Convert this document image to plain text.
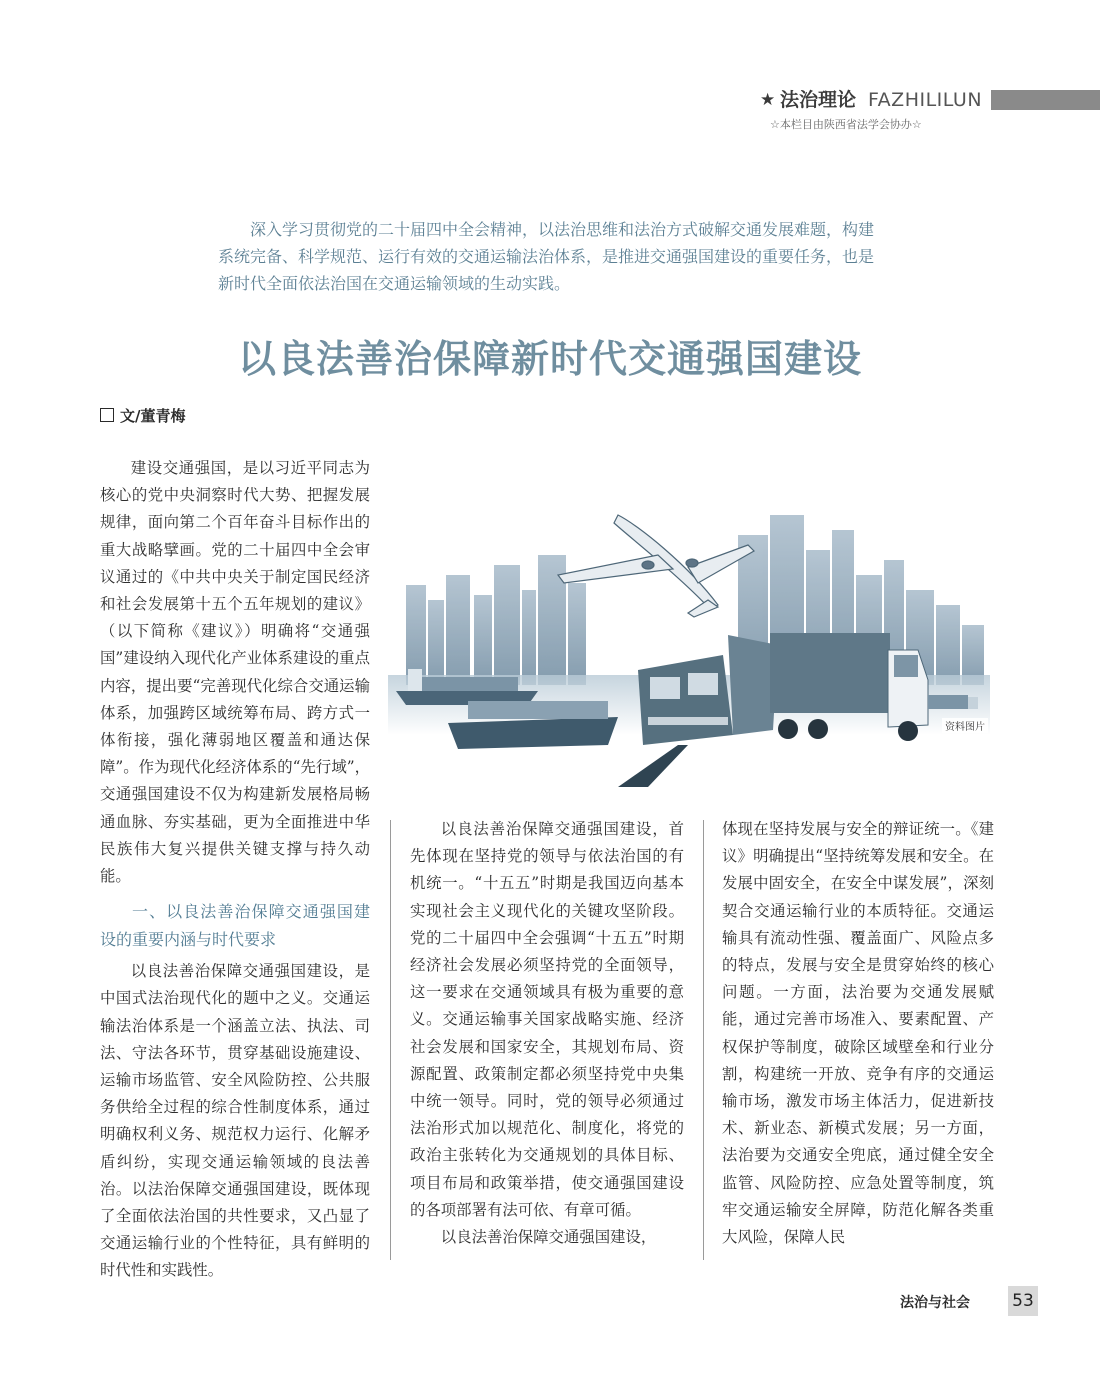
★ 法治理论 FAZHILILUN
☆本栏目由陕西省法学会协办☆

深入学习贯彻党的二十届四中全会精神，以法治思维和法治方式破解交通发展难题，构建系统完备、科学规范、运行有效的交通运输法治体系，是推进交通强国建设的重要任务，也是新时代全面依法治国在交通运输领域的生动实践。

以良法善治保障新时代交通强国建设
文/董青梅

建设交通强国，是以习近平同志为核心的党中央洞察时代大势、把握发展规律，面向第二个百年奋斗目标作出的重大战略擘画。党的二十届四中全会审议通过的《中共中央关于制定国民经济和社会发展第十五个五年规划的建议》（以下简称《建议》）明确将“交通强国”建设纳入现代化产业体系建设的重点内容，提出要“完善现代化综合交通运输体系，加强跨区域统筹布局、跨方式一体衔接，强化薄弱地区覆盖和通达保障”。作为现代化经济体系的“先行域”，交通强国建设不仅为构建新发展格局畅通血脉、夯实基础，更为全面推进中华民族伟大复兴提供关键支撑与持久动能。

一、以良法善治保障交通强国建设的重要内涵与时代要求

以良法善治保障交通强国建设，是中国式法治现代化的题中之义。交通运输法治体系是一个涵盖立法、执法、司法、守法各环节，贯穿基础设施建设、运输市场监管、安全风险防控、公共服务供给全过程的综合性制度体系，通过明确权利义务、规范权力运行、化解矛盾纠纷，实现交通运输领域的良法善治。以法治保障交通强国建设，既体现了全面依法治国的共性要求，又凸显了交通运输行业的个性特征，具有鲜明的时代性和实践性。

资料图片

以良法善治保障交通强国建设，首先体现在坚持党的领导与依法治国的有机统一。“十五五”时期是我国迈向基本实现社会主义现代化的关键攻坚阶段。党的二十届四中全会强调“十五五”时期经济社会发展必须坚持党的全面领导，这一要求在交通领域具有极为重要的意义。交通运输事关国家战略实施、经济社会发展和国家安全，其规划布局、资源配置、政策制定都必须坚持党中央集中统一领导。同时，党的领导必须通过法治形式加以规范化、制度化，将党的政治主张转化为交通规划的具体目标、项目布局和政策举措，使交通强国建设的各项部署有法可依、有章可循。

以良法善治保障交通强国建设，

体现在坚持发展与安全的辩证统一。《建议》明确提出“坚持统筹发展和安全。在发展中固安全，在安全中谋发展”，深刻契合交通运输行业的本质特征。交通运输具有流动性强、覆盖面广、风险点多的特点，发展与安全是贯穿始终的核心问题。一方面，法治要为交通发展赋能，通过完善市场准入、要素配置、产权保护等制度，破除区域壁垒和行业分割，构建统一开放、竞争有序的交通运输市场，激发市场主体活力，促进新技术、新业态、新模式发展；另一方面，法治要为交通安全兜底，通过健全安全监管、风险防控、应急处置等制度，筑牢交通运输安全屏障，防范化解各类重大风险，保障人民

法治与社会 53
